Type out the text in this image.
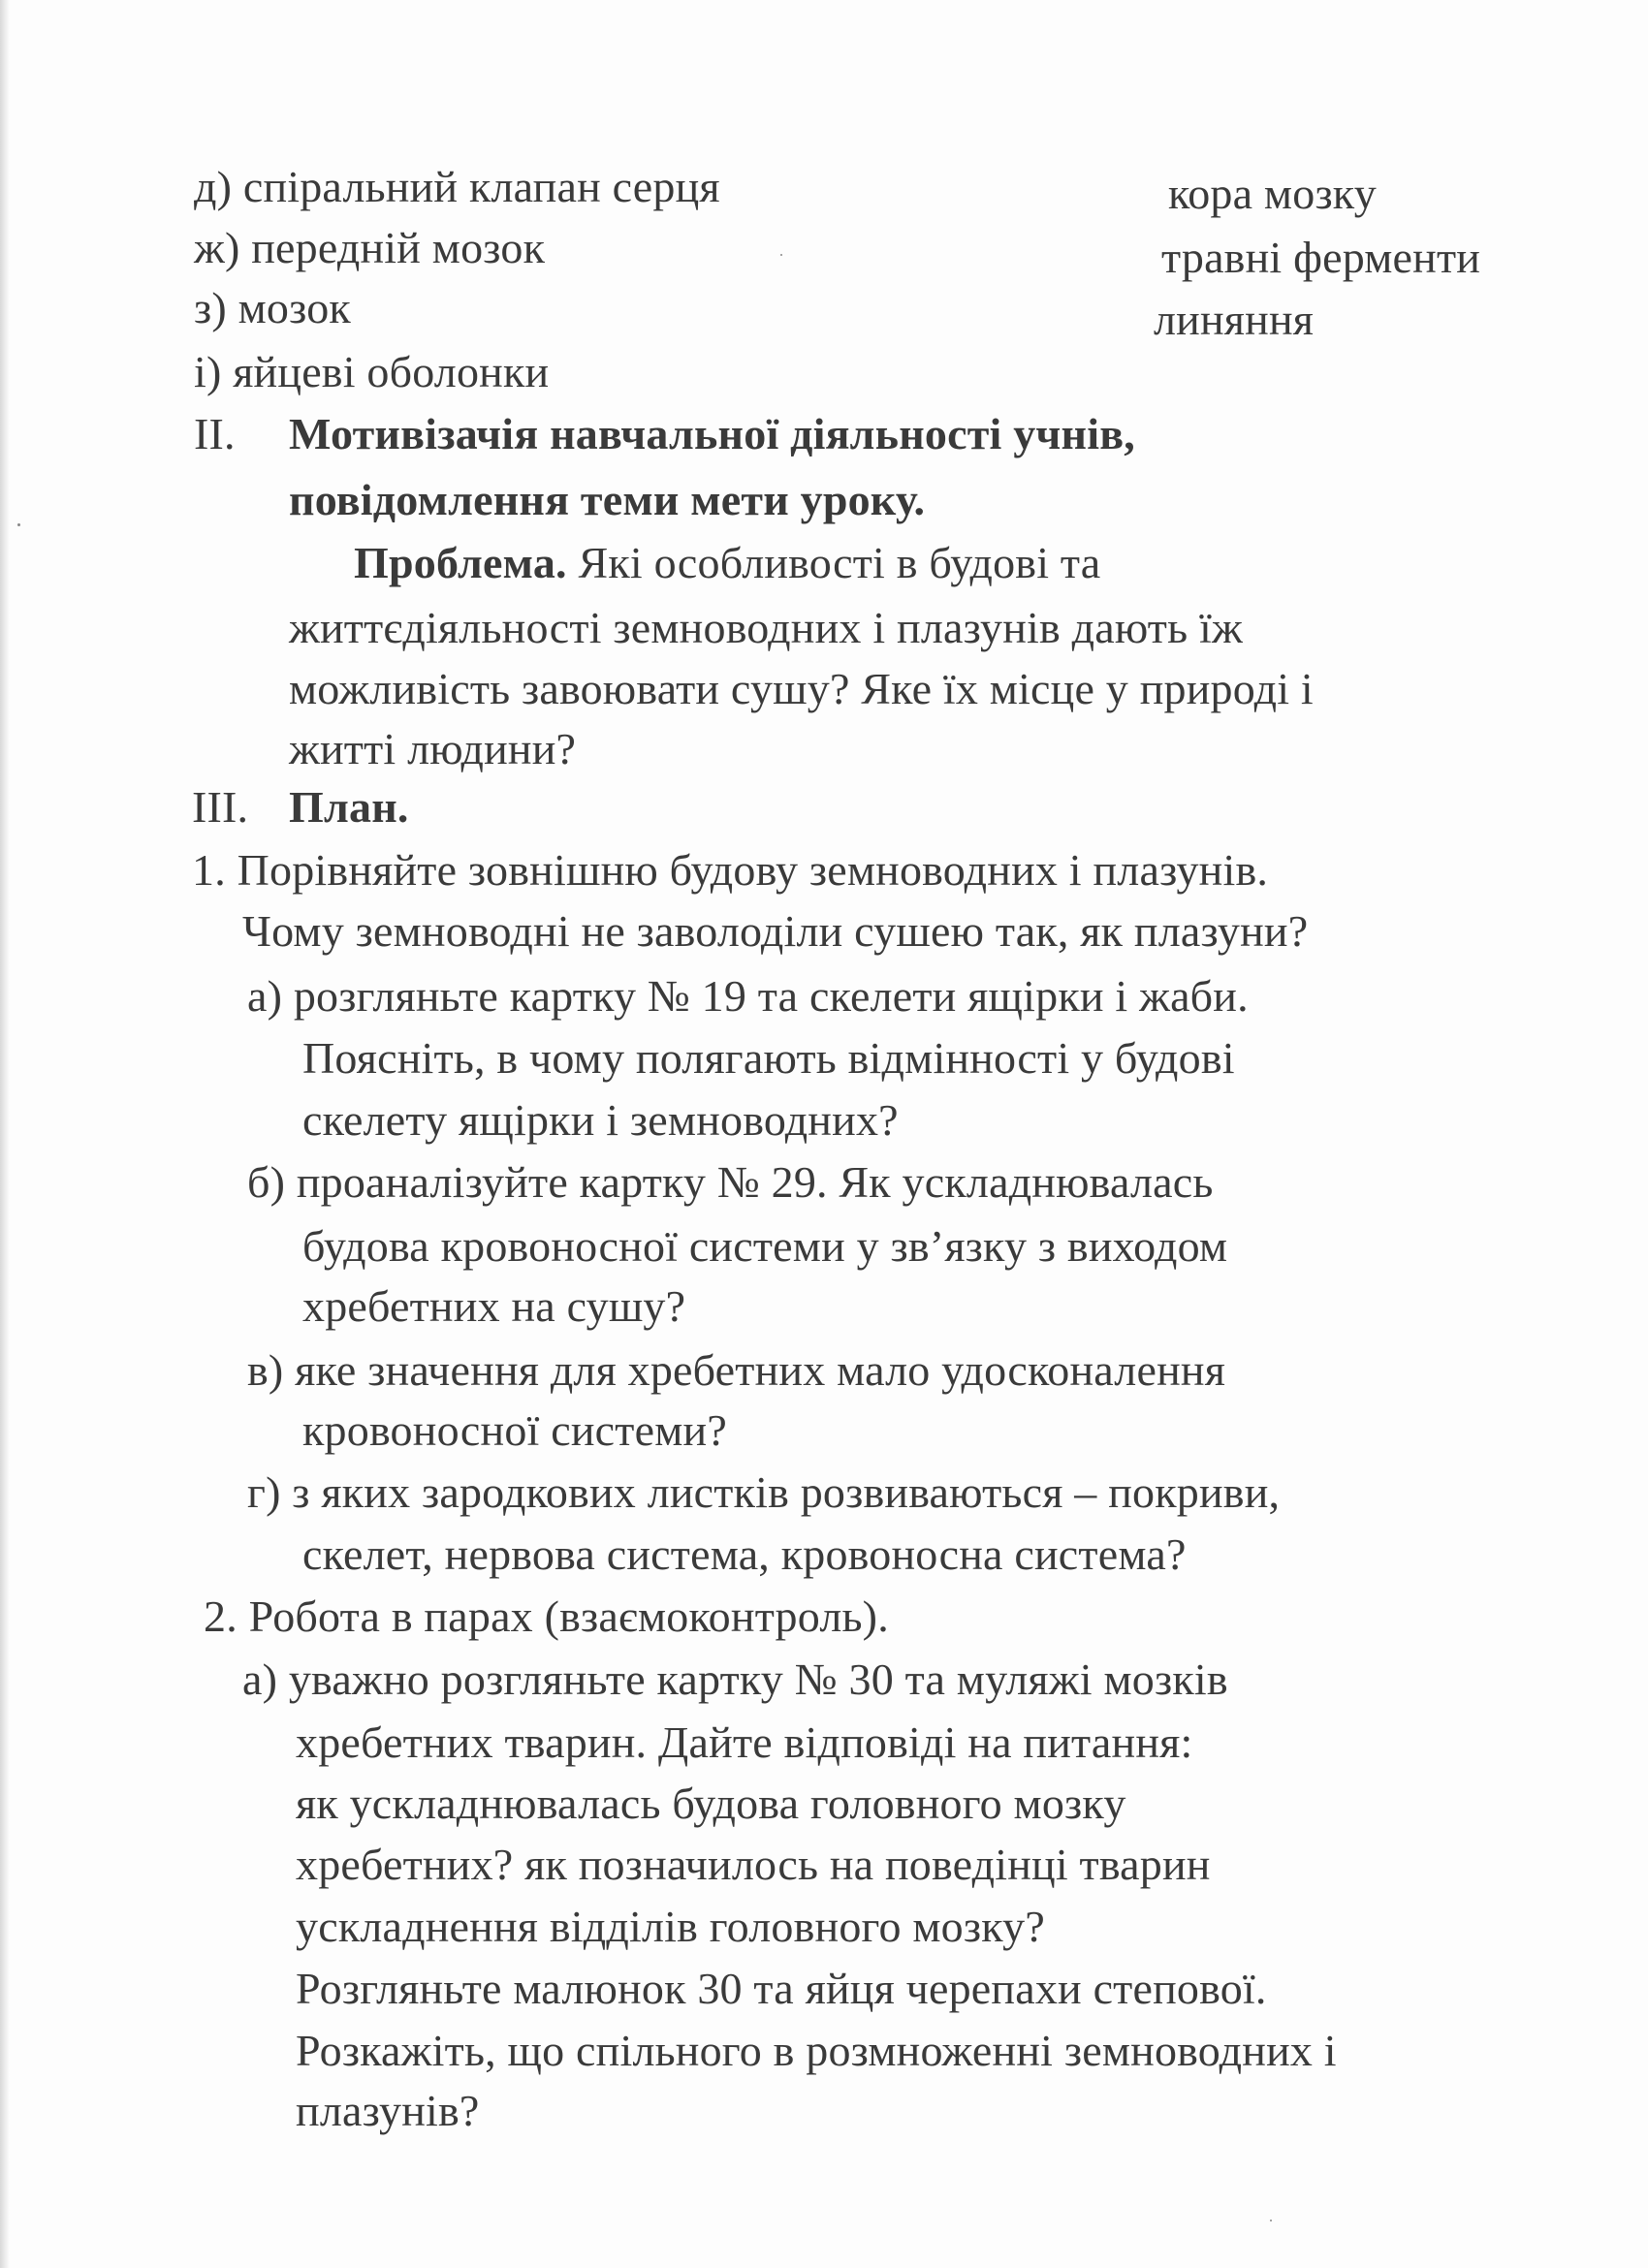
д) спіральний клапан серця
ж) передній мозок
з) мозок
і) яйцеві оболонки
кора мозку
травні ферменти
линяння
II. Мотивізачія навчальної діяльності учнів,
повідомлення теми мети уроку.
Проблема. Які особливості в будові та
життєдіяльності земноводних і плазунів дають їж
можливість завоювати сушу? Яке їх місце у природі і
житті людини?
III. План.
1. Порівняйте зовнішню будову земноводних і плазунів.
Чому земноводні не заволоділи сушею так, як плазуни?
а) розгляньте картку № 19 та скелети ящірки і жаби.
Поясніть, в чому полягають відмінності у будові
скелету ящірки і земноводних?
б) проаналізуйте картку № 29. Як ускладнювалась
будова кровоносної системи у зв’язку з виходом
хребетних на сушу?
в) яке значення для хребетних мало удосконалення
кровоносної системи?
г) з яких зародкових листків розвиваються – покриви,
скелет, нервова система, кровоносна система?
2. Робота в парах (взаємоконтроль).
а) уважно розгляньте картку № 30 та муляжі мозків
хребетних тварин. Дайте відповіді на питання:
як ускладнювалась будова головного мозку
хребетних? як позначилось на поведінці тварин
ускладнення відділів головного мозку?
Розгляньте малюнок 30 та яйця черепахи степової.
Розкажіть, що спільного в розмноженні земноводних і
плазунів?
